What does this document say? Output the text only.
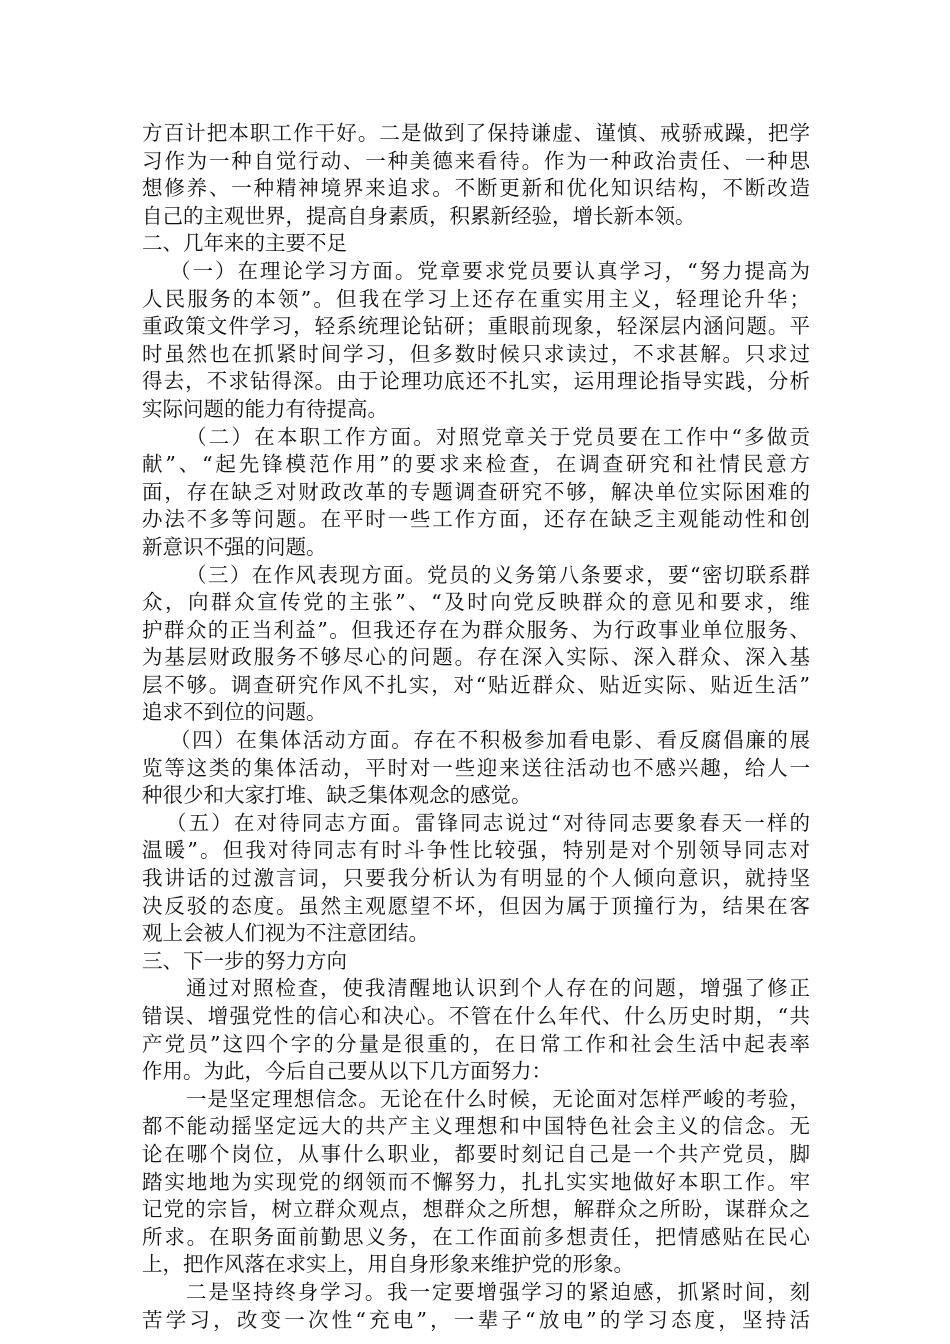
方百计把本职工作干好。二是做到了保持谦虚、谨慎、戒骄戒躁，把学
习作为一种自觉行动、一种美德来看待。作为一种政治责任、一种思
想修养、一种精神境界来追求。不断更新和优化知识结构，不断改造
自己的主观世界，提高自身素质，积累新经验，增长新本领。
二、几年来的主要不足
（一）在理论学习方面。党章要求党员要认真学习，“努力提高为
人民服务的本领”。但我在学习上还存在重实用主义，轻理论升华；
重政策文件学习，轻系统理论钻研；重眼前现象，轻深层内涵问题。平
时虽然也在抓紧时间学习，但多数时候只求读过，不求甚解。只求过
得去，不求钻得深。由于论理功底还不扎实，运用理论指导实践，分析
实际问题的能力有待提高。
（二）在本职工作方面。对照党章关于党员要在工作中“多做贡
献”、“起先锋模范作用”的要求来检查，在调查研究和社情民意方
面，存在缺乏对财政改革的专题调查研究不够，解决单位实际困难的
办法不多等问题。在平时一些工作方面，还存在缺乏主观能动性和创
新意识不强的问题。
（三）在作风表现方面。党员的义务第八条要求，要“密切联系群
众，向群众宣传党的主张”、“及时向党反映群众的意见和要求，维
护群众的正当利益”。但我还存在为群众服务、为行政事业单位服务、
为基层财政服务不够尽心的问题。存在深入实际、深入群众、深入基
层不够。调查研究作风不扎实，对“贴近群众、贴近实际、贴近生活”
追求不到位的问题。
（四）在集体活动方面。存在不积极参加看电影、看反腐倡廉的展
览等这类的集体活动，平时对一些迎来送往活动也不感兴趣，给人一
种很少和大家打堆、缺乏集体观念的感觉。
（五）在对待同志方面。雷锋同志说过“对待同志要象春天一样的
温暖”。但我对待同志有时斗争性比较强，特别是对个别领导同志对
我讲话的过激言词，只要我分析认为有明显的个人倾向意识，就持坚
决反驳的态度。虽然主观愿望不坏，但因为属于顶撞行为，结果在客
观上会被人们视为不注意团结。
三、下一步的努力方向
通过对照检查，使我清醒地认识到个人存在的问题，增强了修正
错误、增强党性的信心和决心。不管在什么年代、什么历史时期，“共
产党员”这四个字的分量是很重的，在日常工作和社会生活中起表率
作用。为此，今后自己要从以下几方面努力：
一是坚定理想信念。无论在什么时候，无论面对怎样严峻的考验，
都不能动摇坚定远大的共产主义理想和中国特色社会主义的信念。无
论在哪个岗位，从事什么职业，都要时刻记自己是一个共产党员，脚
踏实地地为实现党的纲领而不懈努力，扎扎实实地做好本职工作。牢
记党的宗旨，树立群众观点，想群众之所想，解群众之所盼，谋群众之
所求。在职务面前勤思义务，在工作面前多想责任，把情感贴在民心
上，把作风落在求实上，用自身形象来维护党的形象。
二是坚持终身学习。我一定要增强学习的紧迫感，抓紧时间，刻
苦学习，改变一次性“充电”，一辈子“放电”的学习态度，坚持活
